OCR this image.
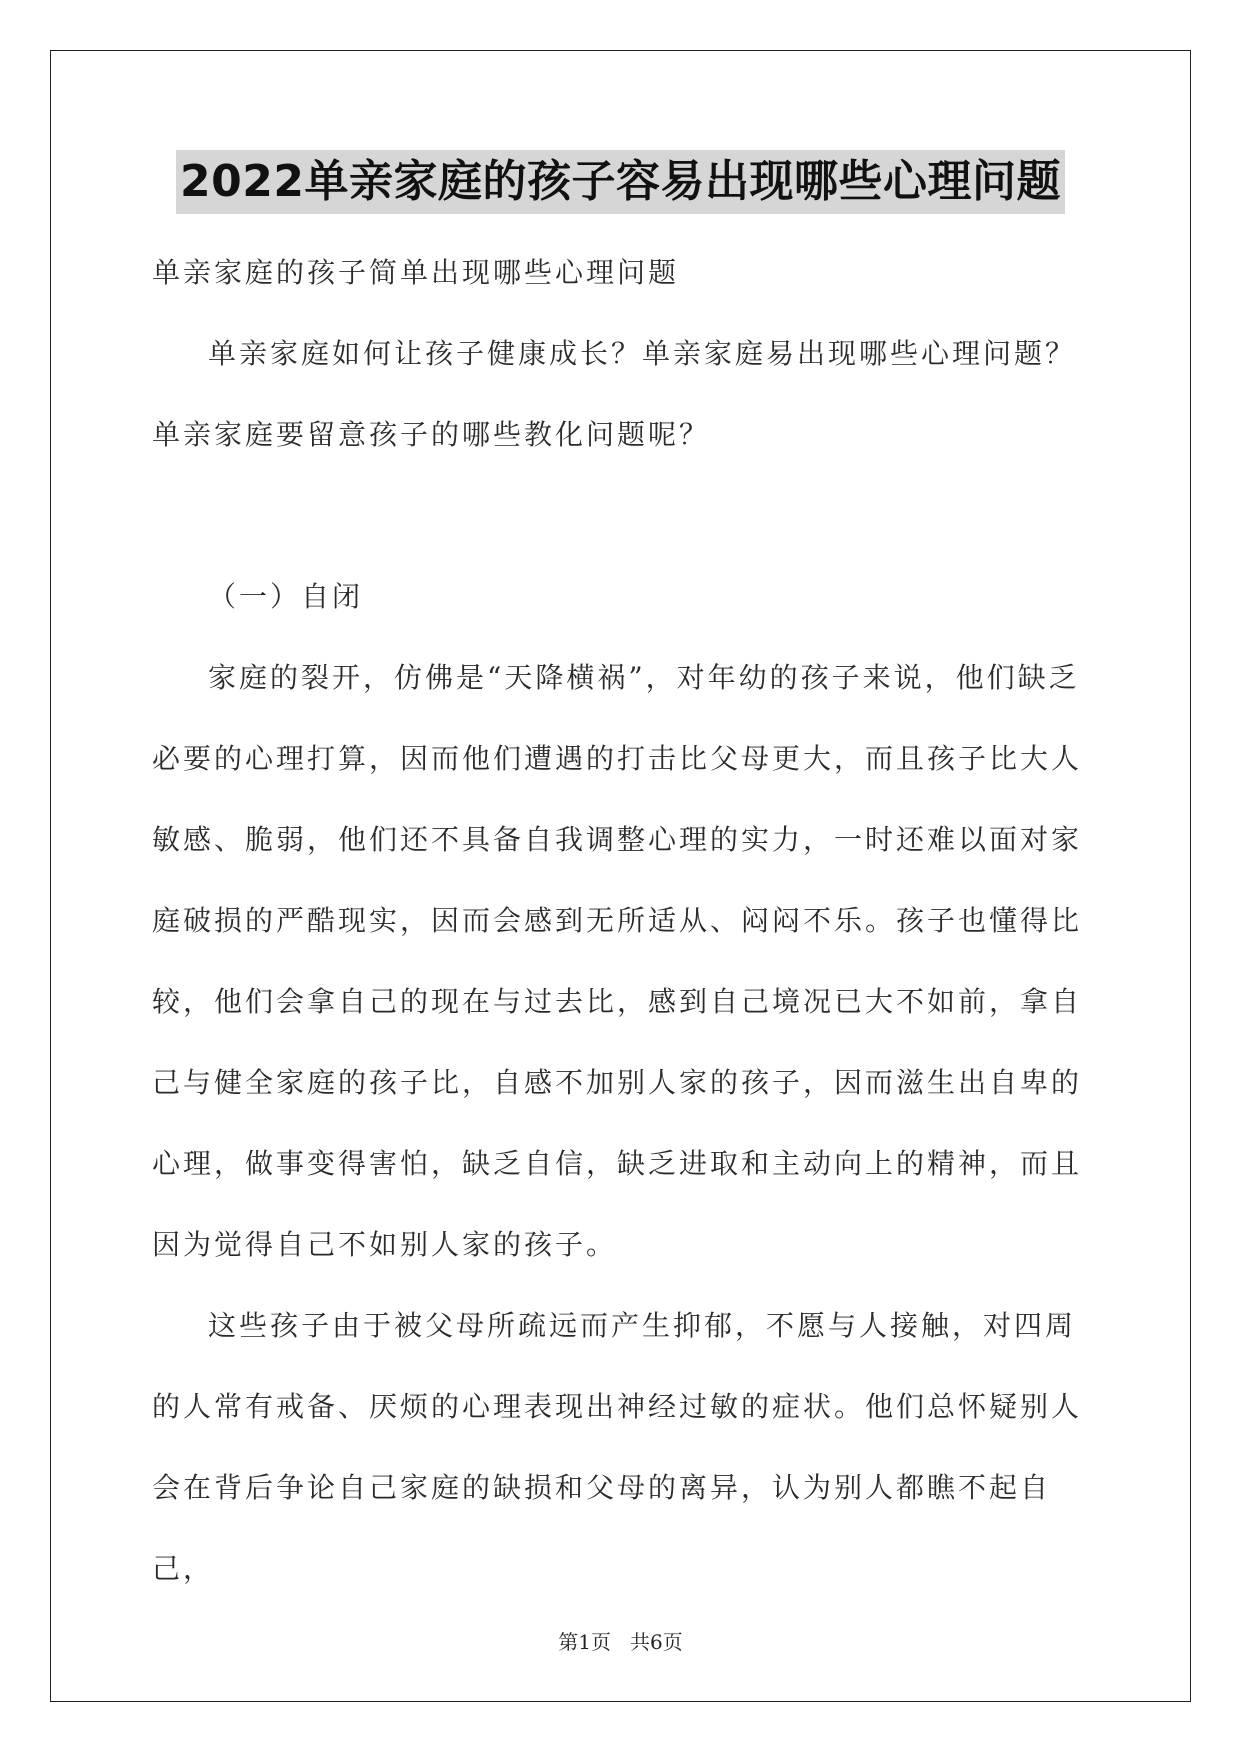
2022单亲家庭的孩子容易出现哪些心理问题

单亲家庭的孩子简单出现哪些心理问题

单亲家庭如何让孩子健康成长？单亲家庭易出现哪些心理问题？单亲家庭要留意孩子的哪些教化问题呢？

（一）自闭

家庭的裂开，仿佛是“天降横祸”，对年幼的孩子来说，他们缺乏必要的心理打算，因而他们遭遇的打击比父母更大，而且孩子比大人敏感、脆弱，他们还不具备自我调整心理的实力，一时还难以面对家庭破损的严酷现实，因而会感到无所适从、闷闷不乐。孩子也懂得比较，他们会拿自己的现在与过去比，感到自己境况已大不如前，拿自己与健全家庭的孩子比，自感不加别人家的孩子，因而滋生出自卑的心理，做事变得害怕，缺乏自信，缺乏进取和主动向上的精神，而且因为觉得自己不如别人家的孩子。

这些孩子由于被父母所疏远而产生抑郁，不愿与人接触，对四周的人常有戒备、厌烦的心理表现出神经过敏的症状。他们总怀疑别人会在背后争论自己家庭的缺损和父母的离异，认为别人都瞧不起自己，

第1页   共6页
